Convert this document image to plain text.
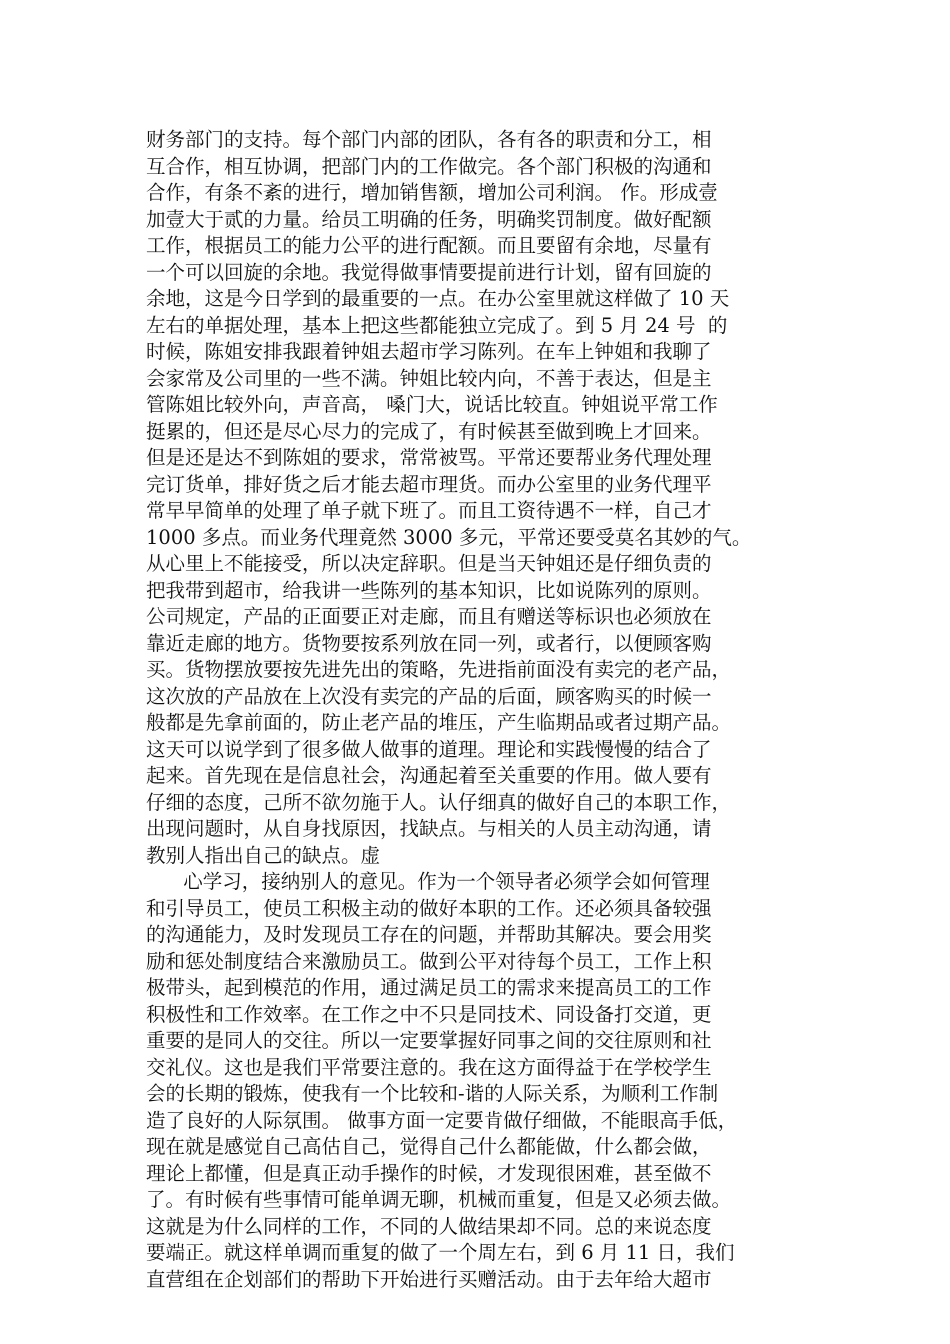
财务部门的支持。每个部门内部的团队，各有各的职责和分工，相
互合作，相互协调，把部门内的工作做完。各个部门积极的沟通和
合作，有条不紊的进行，增加销售额，增加公司利润。 作。形成壹
加壹大于贰的力量。给员工明确的任务，明确奖罚制度。做好配额
工作，根据员工的能力公平的进行配额。而且要留有余地，尽量有
一个可以回旋的余地。我觉得做事情要提前进行计划，留有回旋的
余地，这是今日学到的最重要的一点。在办公室里就这样做了 10 天
左右的单据处理，基本上把这些都能独立完成了。到 5 月 24 号  的
时候，陈姐安排我跟着钟姐去超市学习陈列。在车上钟姐和我聊了
会家常及公司里的一些不满。钟姐比较内向，不善于表达，但是主
管陈姐比较外向，声音高， 嗓门大，说话比较直。钟姐说平常工作
挺累的，但还是尽心尽力的完成了，有时候甚至做到晚上才回来。
但是还是达不到陈姐的要求，常常被骂。平常还要帮业务代理处理
完订货单，排好货之后才能去超市理货。而办公室里的业务代理平
常早早简单的处理了单子就下班了。而且工资待遇不一样，自己才
1000 多点。而业务代理竟然 3000 多元，平常还要受莫名其妙的气。
从心里上不能接受，所以决定辞职。但是当天钟姐还是仔细负责的
把我带到超市，给我讲一些陈列的基本知识，比如说陈列的原则。
公司规定，产品的正面要正对走廊，而且有赠送等标识也必须放在
靠近走廊的地方。货物要按系列放在同一列，或者行，以便顾客购
买。货物摆放要按先进先出的策略，先进指前面没有卖完的老产品，
这次放的产品放在上次没有卖完的产品的后面，顾客购买的时候一
般都是先拿前面的，防止老产品的堆压，产生临期品或者过期产品。
这天可以说学到了很多做人做事的道理。理论和实践慢慢的结合了
起来。首先现在是信息社会，沟通起着至关重要的作用。做人要有
仔细的态度，己所不欲勿施于人。认仔细真的做好自己的本职工作，
出现问题时，从自身找原因，找缺点。与相关的人员主动沟通，请
教别人指出自己的缺点。虚
心学习，接纳别人的意见。作为一个领导者必须学会如何管理
和引导员工，使员工积极主动的做好本职的工作。还必须具备较强
的沟通能力，及时发现员工存在的问题，并帮助其解决。要会用奖
励和惩处制度结合来激励员工。做到公平对待每个员工，工作上积
极带头，起到模范的作用，通过满足员工的需求来提高员工的工作
积极性和工作效率。在工作之中不只是同技术、同设备打交道，更
重要的是同人的交往。所以一定要掌握好同事之间的交往原则和社
交礼仪。这也是我们平常要注意的。我在这方面得益于在学校学生
会的长期的锻炼，使我有一个比较和-谐的人际关系，为顺利工作制
造了良好的人际氛围。 做事方面一定要肯做仔细做，不能眼高手低，
现在就是感觉自己高估自己，觉得自己什么都能做，什么都会做，
理论上都懂，但是真正动手操作的时候，才发现很困难，甚至做不
了。有时候有些事情可能单调无聊，机械而重复，但是又必须去做。
这就是为什么同样的工作，不同的人做结果却不同。总的来说态度
要端正。就这样单调而重复的做了一个周左右，到 6 月 11 日，我们
直营组在企划部们的帮助下开始进行买赠活动。由于去年给大超市
